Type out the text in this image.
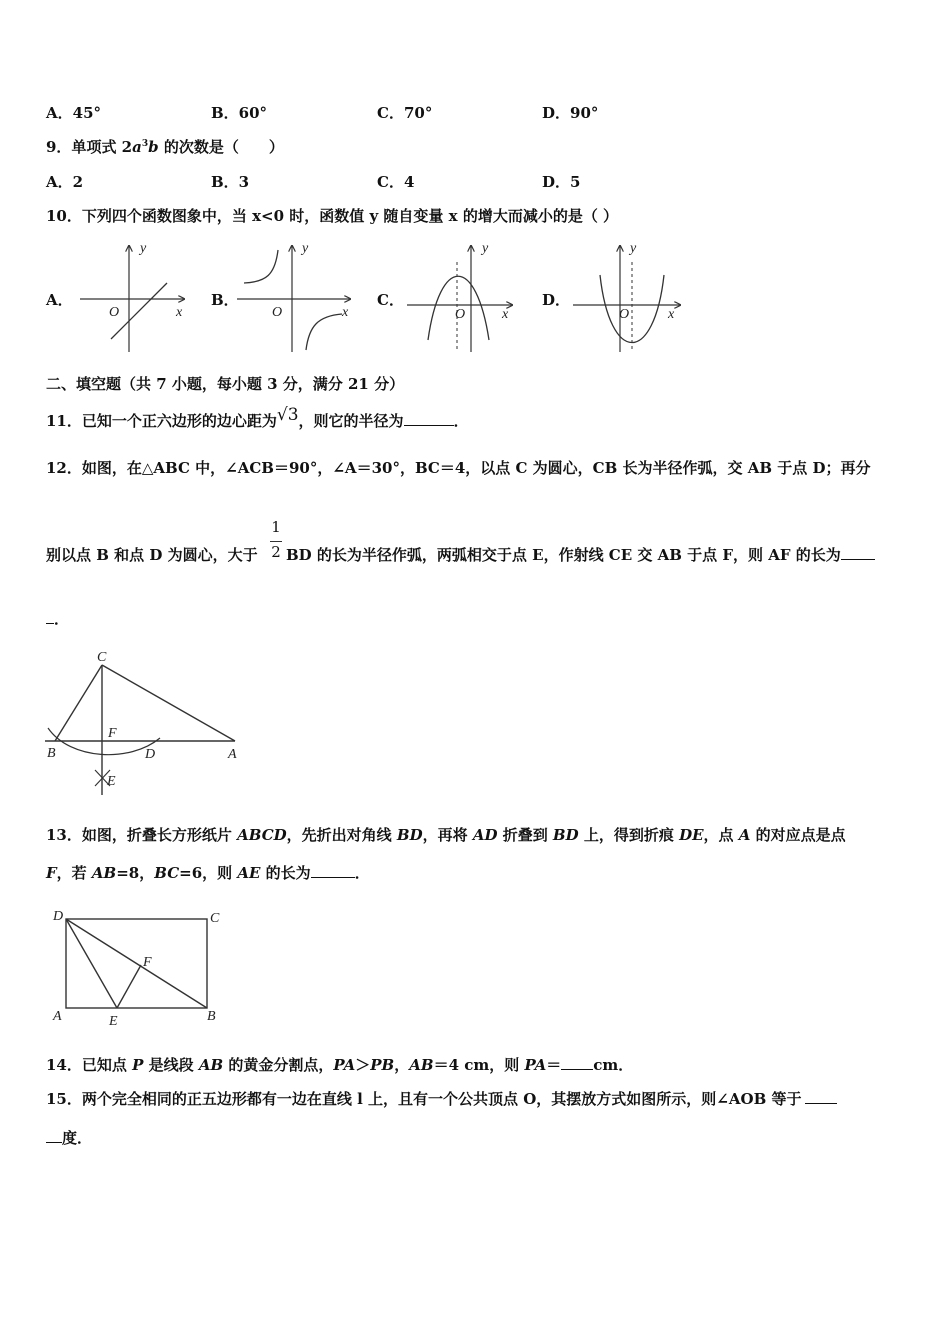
A．45°	B．60°	C．70°	D．90°
9．单项式 $2a^3b$ 的次数是（　　）
A．2	B．3	C．4	D．5
10．下列四个函数图象中，当 x<0 时，函数值 y 随自变量 x 的增大而减小的是（ ）
A．	B．	C．	D．
y
O	x
y
O	x
y
O	x
y
O	x
二、填空题（共 7 小题，每小题 3 分，满分 21 分）
11．已知一个正六边形的边心距为√3，则它的半径为	．
12．如图，在△ABC 中，∠ACB＝90°，∠A＝30°，BC＝4，以点 C 为圆心，CB 长为半径作弧，交 AB 于点 D；再分
1
2
别以点 B 和点 D 为圆心，大于 BD 的长为半径作弧，两弧相交于点 E，作射线 CE 交 AB 于点 F，则 AF 的长为
．
C
B
F
D	A
E
13．如图，折叠长方形纸片 ABCD，先折出对角线 BD，再将 AD 折叠到 BD 上，得到折痕 DE，点 A 的对应点是点
F，若 AB=8，BC=6，则 AE 的长为	．
D	C
F
A	E	B
14．已知点 P 是线段 AB 的黄金分割点，PA＞PB，AB＝4 cm，则 PA＝ cm．
15．两个完全相同的正五边形都有一边在直线 l 上，且有一个公共顶点 O，其摆放方式如图所示，则∠AOB 等于
度．
